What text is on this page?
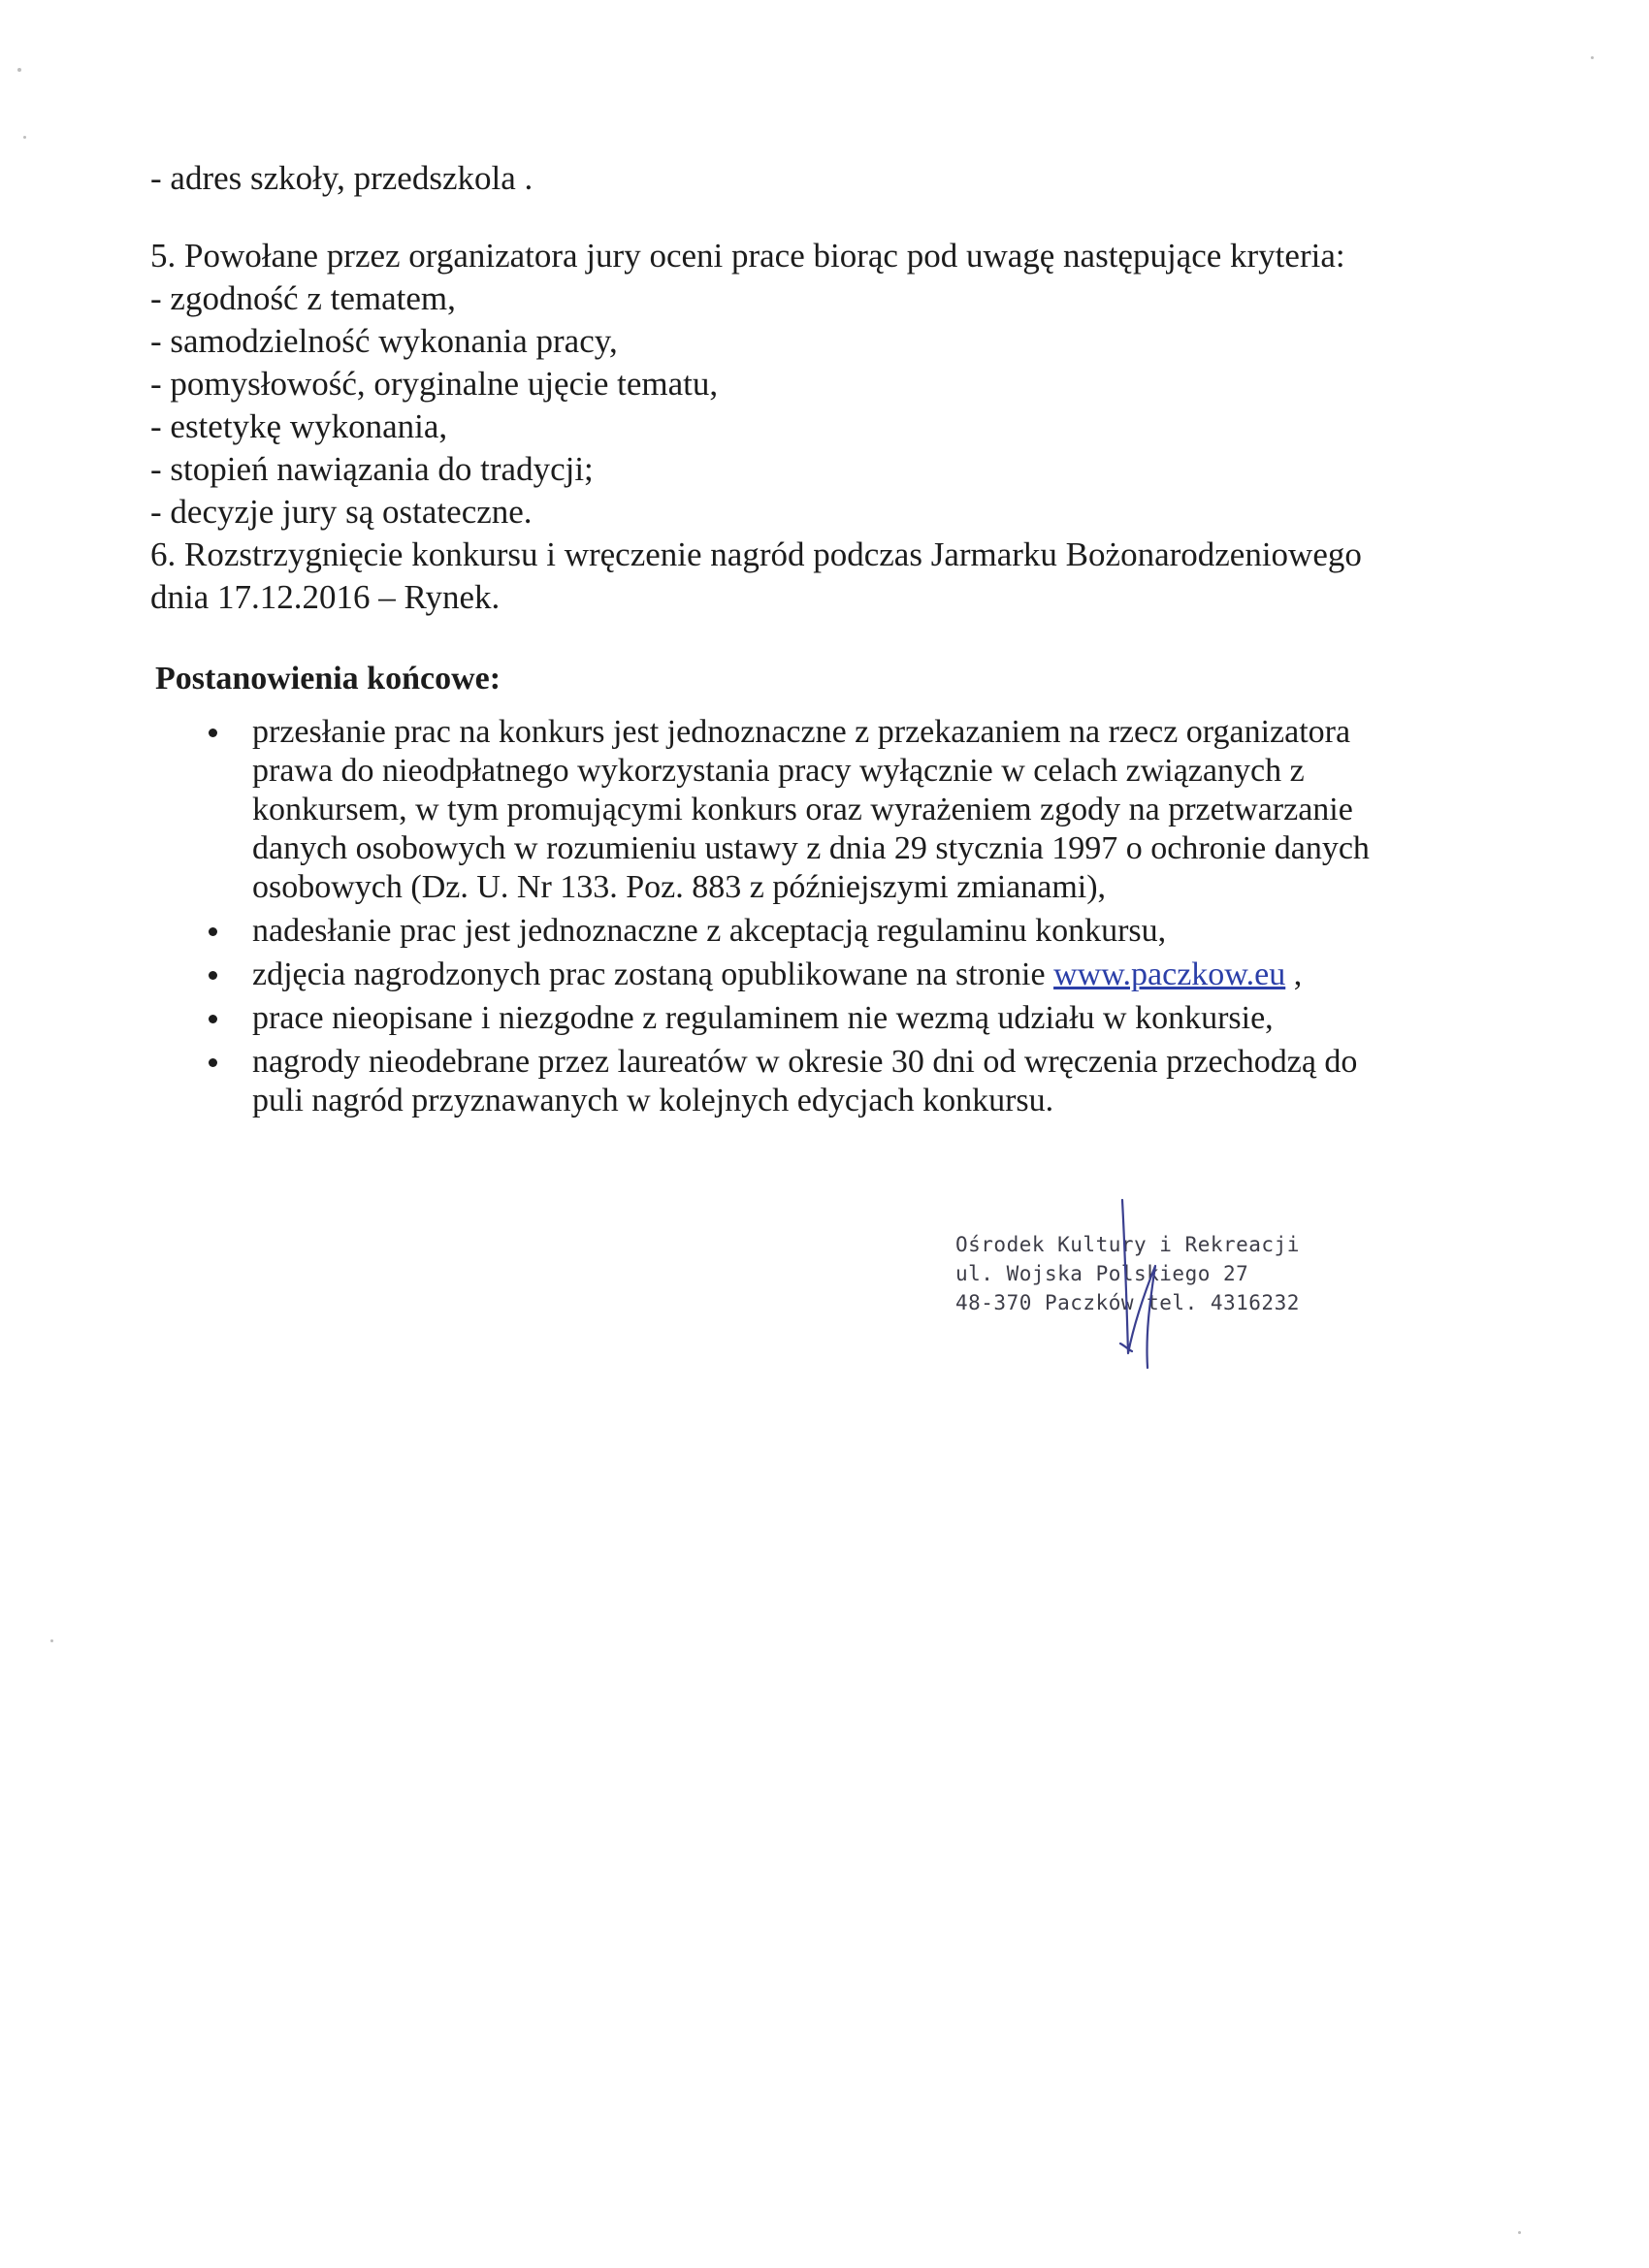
- adres szkoły, przedszkola .
5. Powołane przez organizatora jury oceni prace biorąc pod uwagę następujące kryteria:
- zgodność z tematem,
- samodzielność wykonania pracy,
- pomysłowość, oryginalne ujęcie tematu,
- estetykę wykonania,
- stopień nawiązania do tradycji;
- decyzje jury są ostateczne.
6. Rozstrzygnięcie konkursu i wręczenie nagród podczas Jarmarku Bożonarodzeniowego
dnia 17.12.2016 – Rynek.
Postanowienia końcowe:
przesłanie prac na konkurs jest jednoznaczne z przekazaniem na rzecz organizatora
prawa do nieodpłatnego wykorzystania pracy wyłącznie w celach związanych z
konkursem, w tym promującymi konkurs oraz wyrażeniem zgody na przetwarzanie
danych osobowych w rozumieniu ustawy z dnia 29 stycznia 1997 o ochronie danych
osobowych (Dz. U. Nr 133. Poz. 883 z późniejszymi zmianami),
nadesłanie prac jest jednoznaczne z akceptacją regulaminu konkursu,
zdjęcia nagrodzonych prac zostaną opublikowane na stronie www.paczkow.eu ,
prace nieopisane i niezgodne z regulaminem nie wezmą udziału w konkursie,
nagrody nieodebrane przez laureatów w okresie 30 dni od wręczenia przechodzą do
puli nagród przyznawanych w kolejnych edycjach konkursu.
Ośrodek Kultury i Rekreacji
ul. Wojska Polskiego 27
48-370 Paczków tel. 4316232
